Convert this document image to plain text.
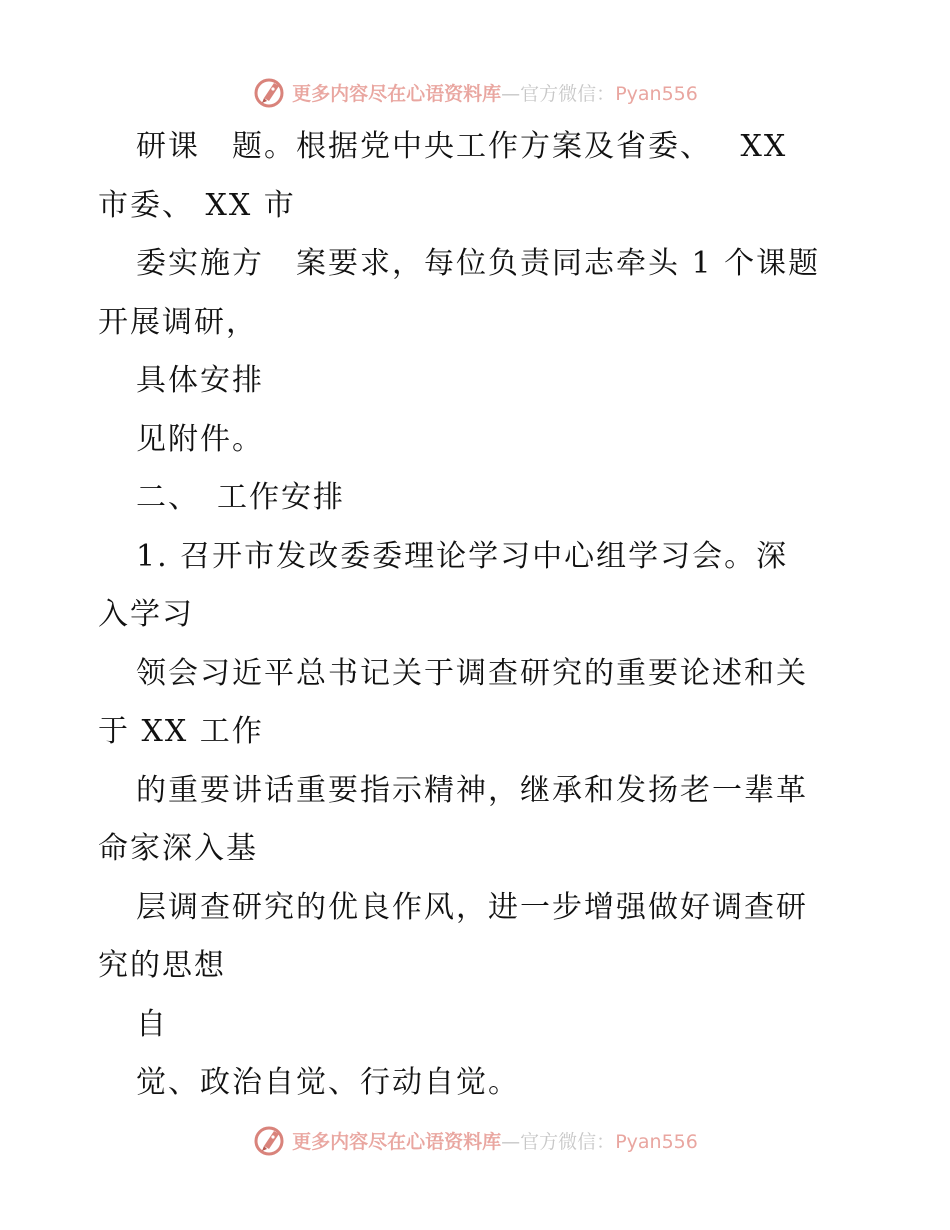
更多内容尽在心语资料库—官方微信：Pyan556
研课　题。根据党中央工作方案及省委、　 XX
市委、 XX 市
委实施方　案要求，每位负责同志牵头 1 个课题
开展调研，
具体安排
见附件。
二、　工作安排
1. 召开市发改委委理论学习中心组学习会。深
入学习
领会习近平总书记关于调查研究的重要论述和关
于 XX 工作
的重要讲话重要指示精神，继承和发扬老一辈革
命家深入基
层调查研究的优良作风，进一步增强做好调查研
究的思想
自
觉、政治自觉、行动自觉。
更多内容尽在心语资料库—官方微信：Pyan556
